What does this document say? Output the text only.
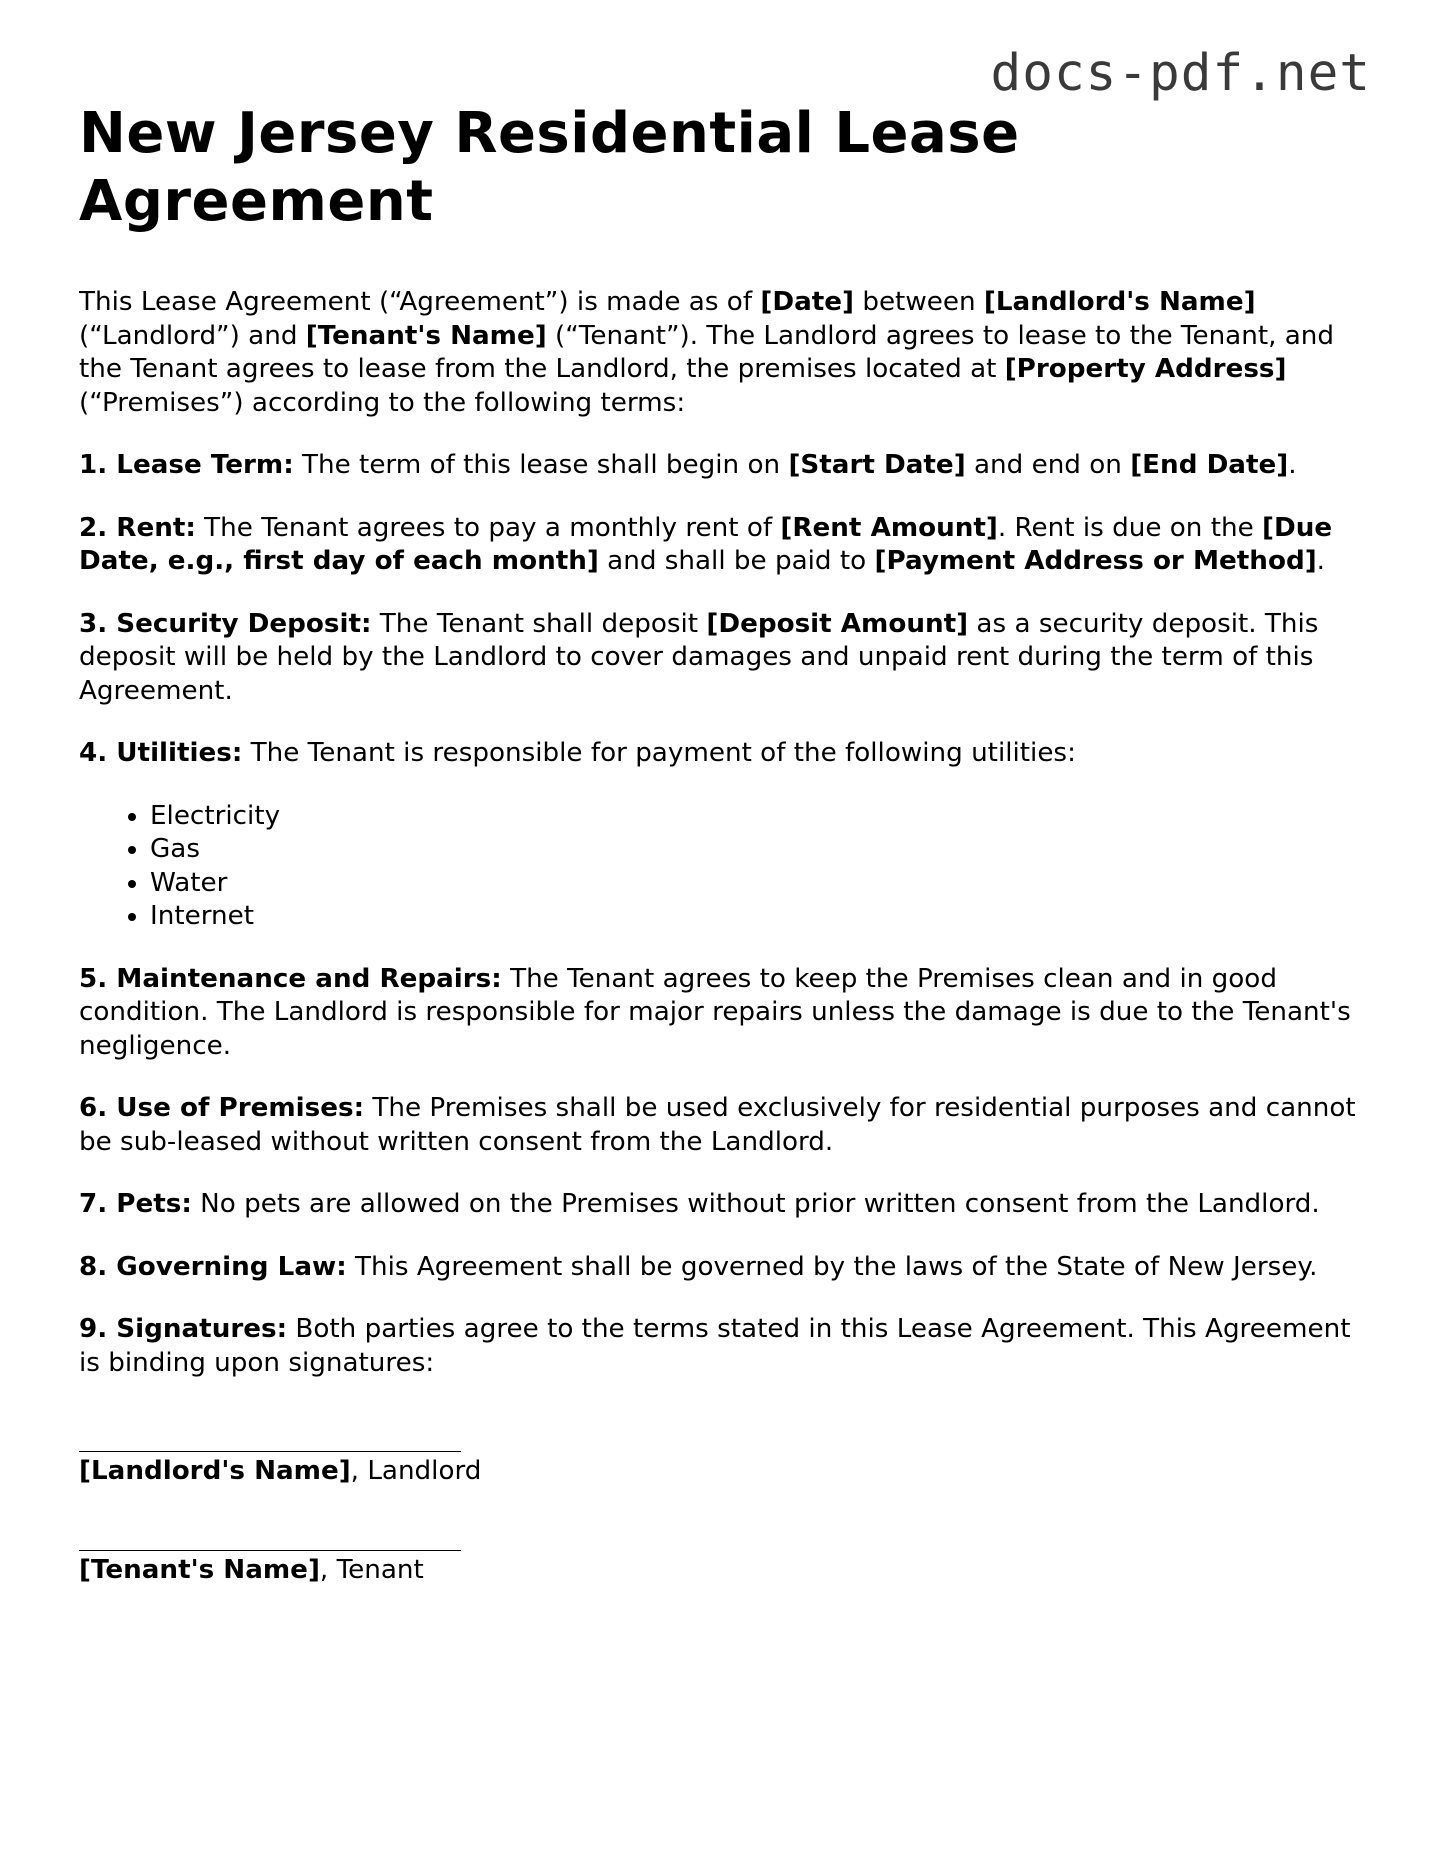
docs-pdf.net
New Jersey Residential Lease Agreement

This Lease Agreement (“Agreement”) is made as of [Date] between [Landlord's Name] (“Landlord”) and [Tenant's Name] (“Tenant”). The Landlord agrees to lease to the Tenant, and the Tenant agrees to lease from the Landlord, the premises located at [Property Address] (“Premises”) according to the following terms:

1. Lease Term: The term of this lease shall begin on [Start Date] and end on [End Date].

2. Rent: The Tenant agrees to pay a monthly rent of [Rent Amount]. Rent is due on the [Due Date, e.g., first day of each month] and shall be paid to [Payment Address or Method].

3. Security Deposit: The Tenant shall deposit [Deposit Amount] as a security deposit. This deposit will be held by the Landlord to cover damages and unpaid rent during the term of this Agreement.

4. Utilities: The Tenant is responsible for payment of the following utilities:

• Electricity
• Gas
• Water
• Internet

5. Maintenance and Repairs: The Tenant agrees to keep the Premises clean and in good condition. The Landlord is responsible for major repairs unless the damage is due to the Tenant's negligence.

6. Use of Premises: The Premises shall be used exclusively for residential purposes and cannot be sub-leased without written consent from the Landlord.

7. Pets: No pets are allowed on the Premises without prior written consent from the Landlord.

8. Governing Law: This Agreement shall be governed by the laws of the State of New Jersey.

9. Signatures: Both parties agree to the terms stated in this Lease Agreement. This Agreement is binding upon signatures:

[Landlord's Name], Landlord
[Tenant's Name], Tenant
